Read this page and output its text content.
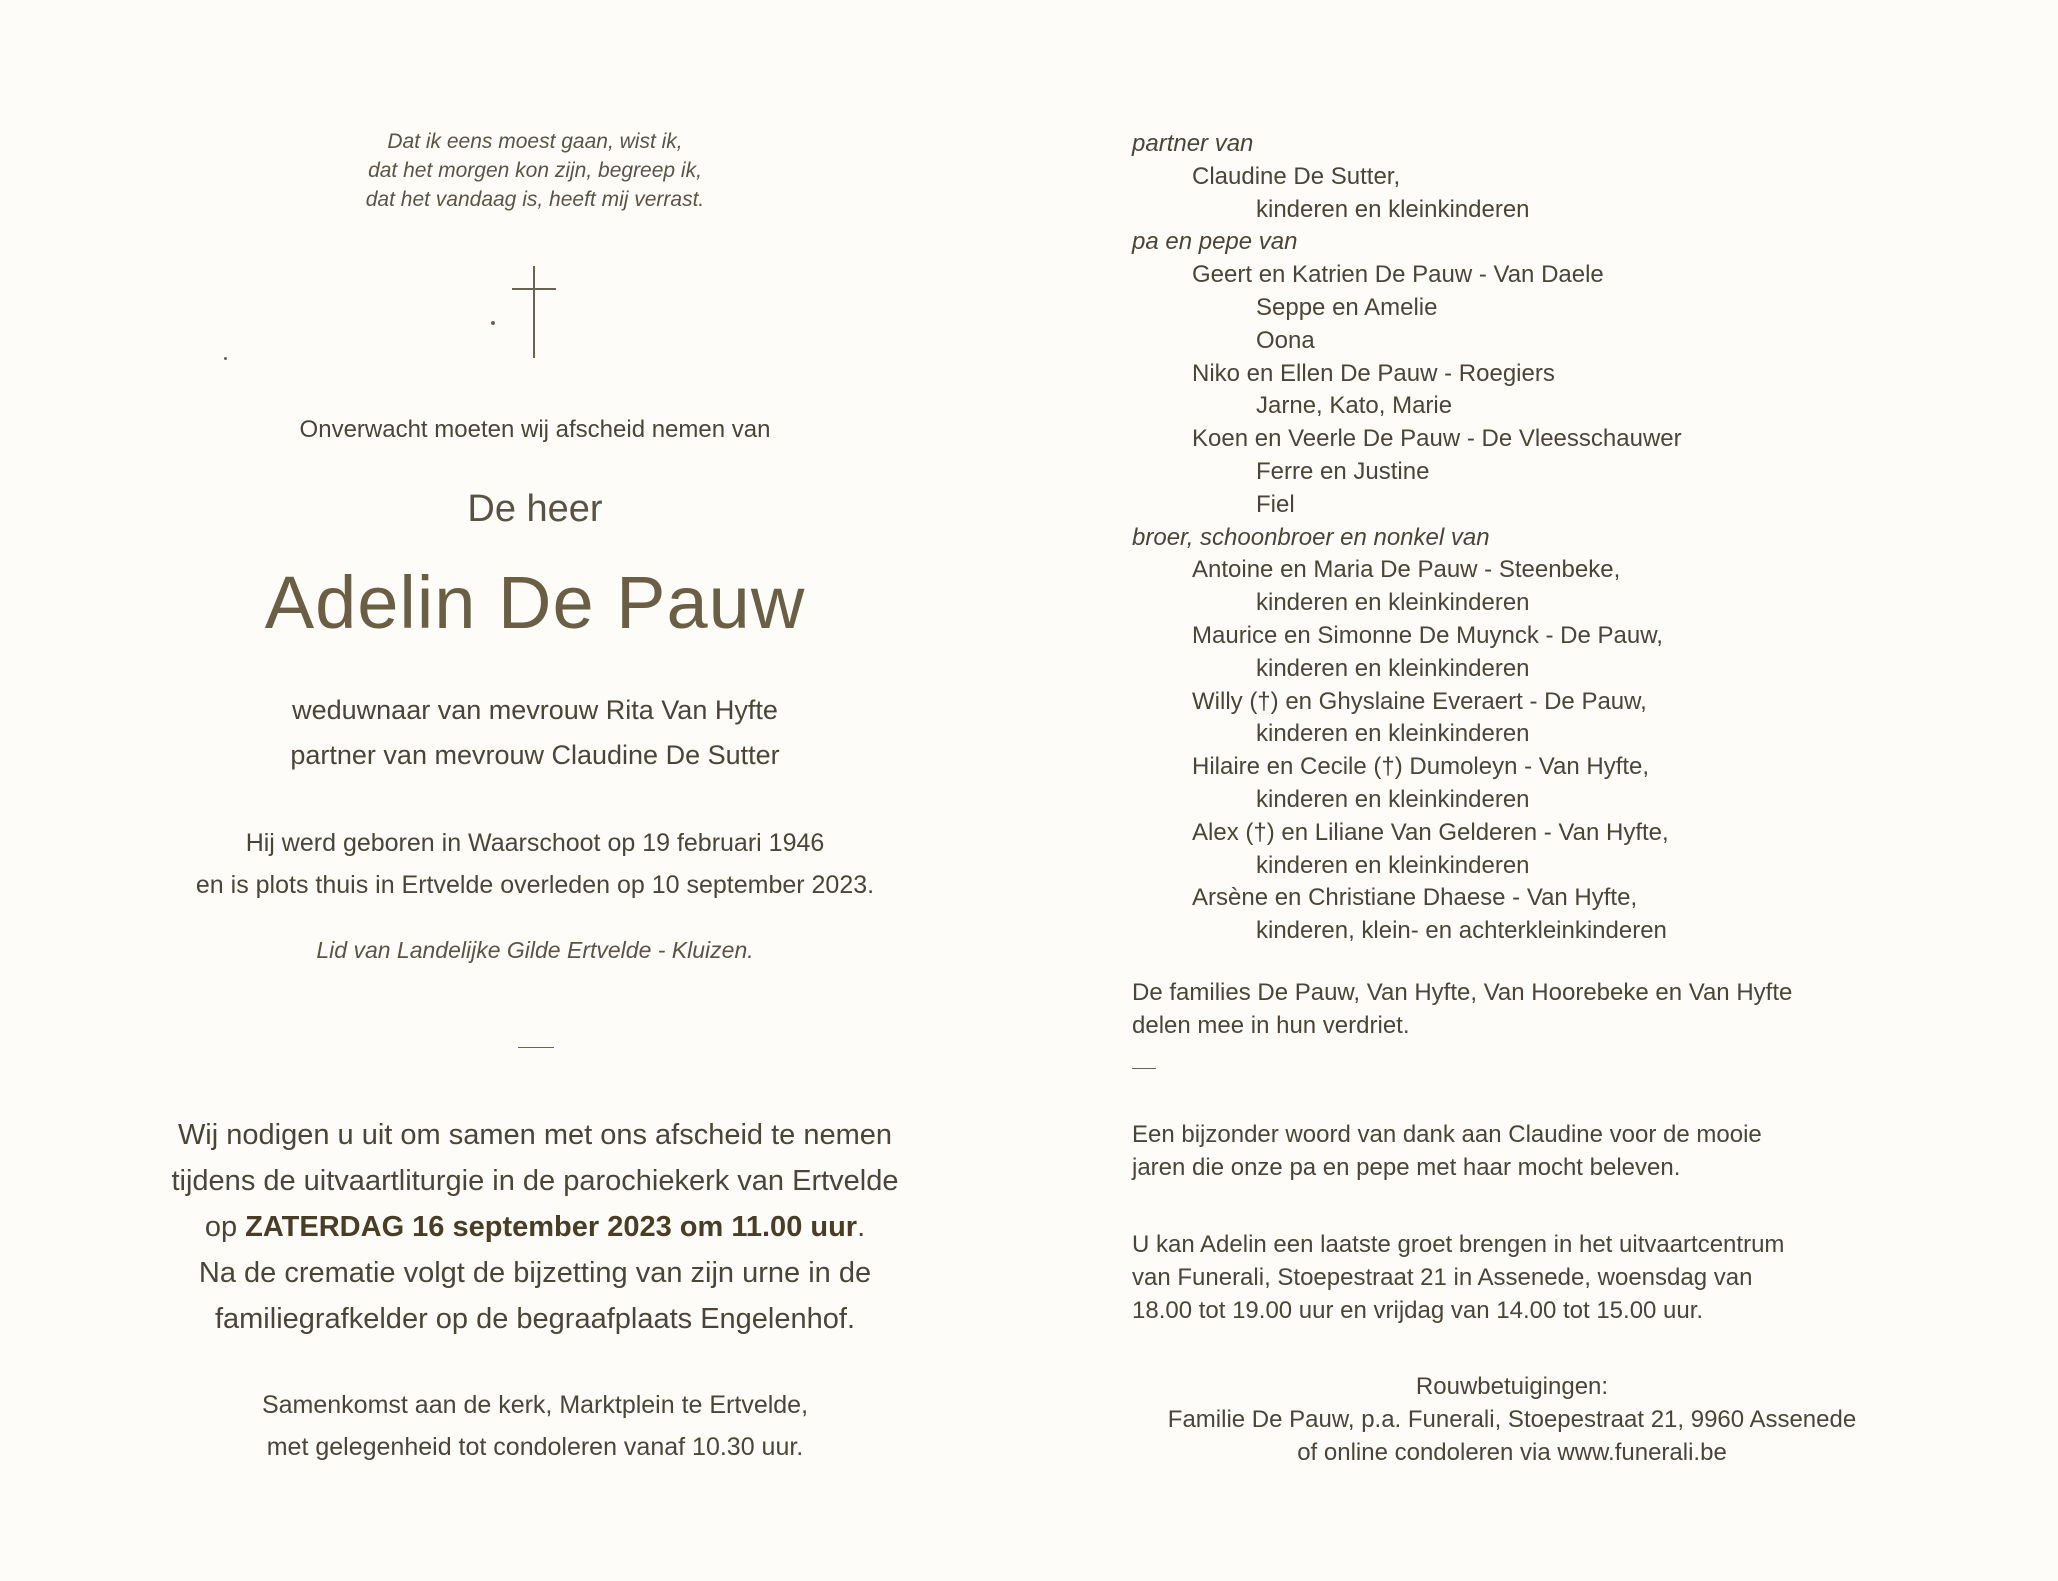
Dat ik eens moest gaan, wist ik,
dat het morgen kon zijn, begreep ik,
dat het vandaag is, heeft mij verrast.
Onverwacht moeten wij afscheid nemen van
De heer
Adelin De Pauw
weduwnaar van mevrouw Rita Van Hyfte
partner van mevrouw Claudine De Sutter
Hij werd geboren in Waarschoot op 19 februari 1946
en is plots thuis in Ertvelde overleden op 10 september 2023.
Lid van Landelijke Gilde Ertvelde - Kluizen.
Wij nodigen u uit om samen met ons afscheid te nemen
tijdens de uitvaartliturgie in de parochiekerk van Ertvelde
op ZATERDAG 16 september 2023 om 11.00 uur.
Na de crematie volgt de bijzetting van zijn urne in de
familiegrafkelder op de begraafplaats Engelenhof.
Samenkomst aan de kerk, Marktplein te Ertvelde,
met gelegenheid tot condoleren vanaf 10.30 uur.
partner van
Claudine De Sutter,
kinderen en kleinkinderen
pa en pepe van
Geert en Katrien De Pauw - Van Daele
Seppe en Amelie
Oona
Niko en Ellen De Pauw - Roegiers
Jarne, Kato, Marie
Koen en Veerle De Pauw - De Vleesschauwer
Ferre en Justine
Fiel
broer, schoonbroer en nonkel van
Antoine en Maria De Pauw - Steenbeke,
kinderen en kleinkinderen
Maurice en Simonne De Muynck - De Pauw,
kinderen en kleinkinderen
Willy (†) en Ghyslaine Everaert - De Pauw,
kinderen en kleinkinderen
Hilaire en Cecile (†) Dumoleyn - Van Hyfte,
kinderen en kleinkinderen
Alex (†) en Liliane Van Gelderen - Van Hyfte,
kinderen en kleinkinderen
Arsène en Christiane Dhaese - Van Hyfte,
kinderen, klein- en achterkleinkinderen
De families De Pauw, Van Hyfte, Van Hoorebeke en Van Hyfte
delen mee in hun verdriet.
Een bijzonder woord van dank aan Claudine voor de mooie
jaren die onze pa en pepe met haar mocht beleven.
U kan Adelin een laatste groet brengen in het uitvaartcentrum
van Funerali, Stoepestraat 21 in Assenede, woensdag van
18.00 tot 19.00 uur en vrijdag van 14.00 tot 15.00 uur.
Rouwbetuigingen:
Familie De Pauw, p.a. Funerali, Stoepestraat 21, 9960 Assenede
of online condoleren via www.funerali.be
